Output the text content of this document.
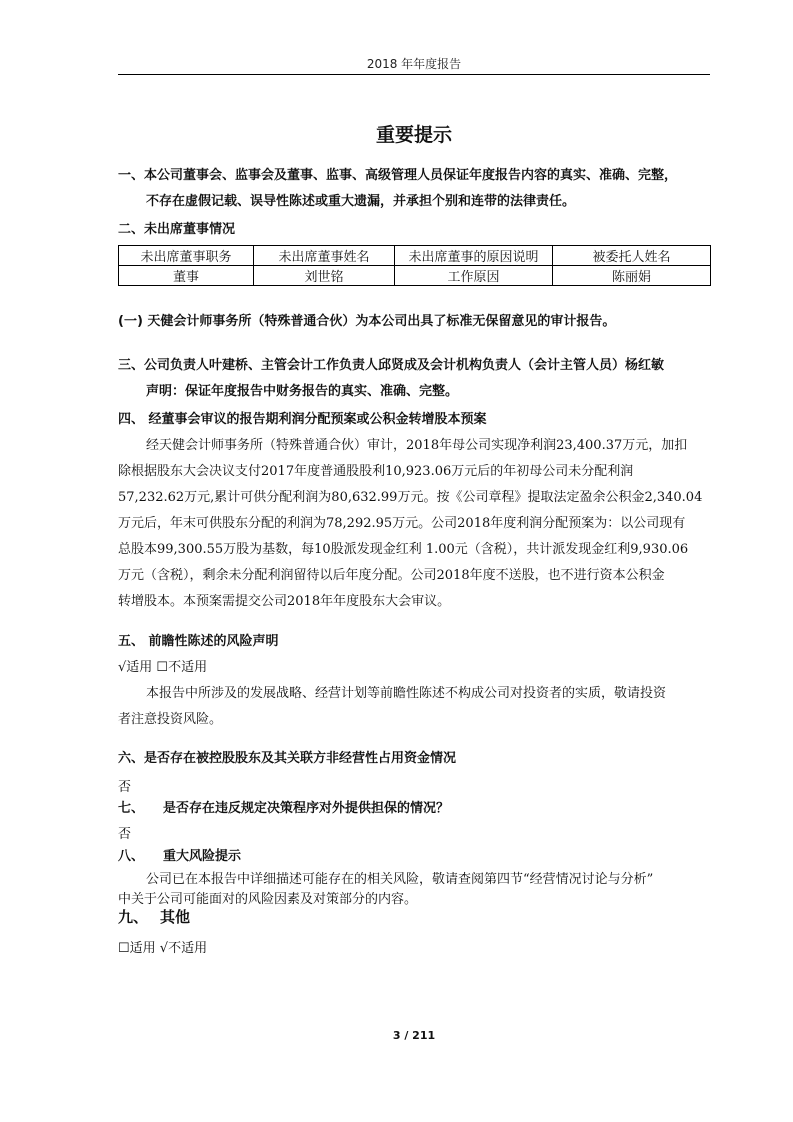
2018 年年度报告
重要提示
一、本公司董事会、监事会及董事、监事、高级管理人员保证年度报告内容的真实、准确、完整，
不存在虚假记载、误导性陈述或重大遗漏，并承担个别和连带的法律责任。
二、未出席董事情况
未出席董事职务	未出席董事姓名	未出席董事的原因说明	被委托人姓名
董事	刘世铭	工作原因	陈丽娟
(一) 天健会计师事务所（特殊普通合伙）为本公司出具了标准无保留意见的审计报告。
三、公司负责人叶建桥、主管会计工作负责人邱贤成及会计机构负责人（会计主管人员）杨红敏
声明：保证年度报告中财务报告的真实、准确、完整。
四、 经董事会审议的报告期利润分配预案或公积金转增股本预案
经天健会计师事务所（特殊普通合伙）审计，2018年母公司实现净利润23,400.37万元，加扣
除根据股东大会决议支付2017年度普通股股利10,923.06万元后的年初母公司未分配利润
57,232.62万元,累计可供分配利润为80,632.99万元。按《公司章程》提取法定盈余公积金2,340.04
万元后，年末可供股东分配的利润为78,292.95万元。公司2018年度利润分配预案为：以公司现有
总股本99,300.55万股为基数，每10股派发现金红利 1.00元（含税），共计派发现金红利9,930.06
万元（含税），剩余未分配利润留待以后年度分配。公司2018年度不送股，也不进行资本公积金
转增股本。本预案需提交公司2018年年度股东大会审议。
五、 前瞻性陈述的风险声明
√适用 ☐不适用
本报告中所涉及的发展战略、经营计划等前瞻性陈述不构成公司对投资者的实质，敬请投资
者注意投资风险。
六、是否存在被控股股东及其关联方非经营性占用资金情况
否
七、 是否存在违反规定决策程序对外提供担保的情况？
否
八、 重大风险提示
公司已在本报告中详细描述可能存在的相关风险，敬请查阅第四节“经营情况讨论与分析”
中关于公司可能面对的风险因素及对策部分的内容。
九、 其他
☐适用 √不适用
3 / 211
